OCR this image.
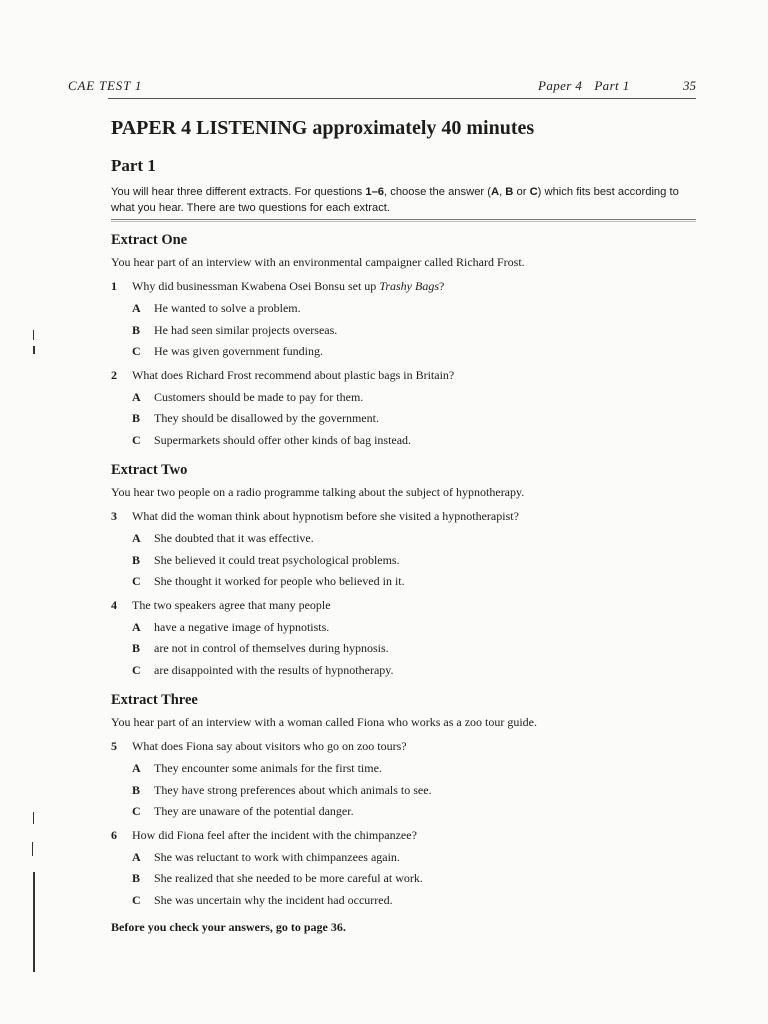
CAE TEST 1	Paper 4 Part 1	35
PAPER 4 LISTENING approximately 40 minutes
Part 1
You will hear three different extracts. For questions 1–6, choose the answer (A, B or C) which fits best according to what you hear. There are two questions for each extract.
Extract One
You hear part of an interview with an environmental campaigner called Richard Frost.
1	Why did businessman Kwabena Osei Bonsu set up Trashy Bags?
A	He wanted to solve a problem.
B	He had seen similar projects overseas.
C	He was given government funding.
2	What does Richard Frost recommend about plastic bags in Britain?
A	Customers should be made to pay for them.
B	They should be disallowed by the government.
C	Supermarkets should offer other kinds of bag instead.
Extract Two
You hear two people on a radio programme talking about the subject of hypnotherapy.
3	What did the woman think about hypnotism before she visited a hypnotherapist?
A	She doubted that it was effective.
B	She believed it could treat psychological problems.
C	She thought it worked for people who believed in it.
4	The two speakers agree that many people
A	have a negative image of hypnotists.
B	are not in control of themselves during hypnosis.
C	are disappointed with the results of hypnotherapy.
Extract Three
You hear part of an interview with a woman called Fiona who works as a zoo tour guide.
5	What does Fiona say about visitors who go on zoo tours?
A	They encounter some animals for the first time.
B	They have strong preferences about which animals to see.
C	They are unaware of the potential danger.
6	How did Fiona feel after the incident with the chimpanzee?
A	She was reluctant to work with chimpanzees again.
B	She realized that she needed to be more careful at work.
C	She was uncertain why the incident had occurred.
Before you check your answers, go to page 36.
